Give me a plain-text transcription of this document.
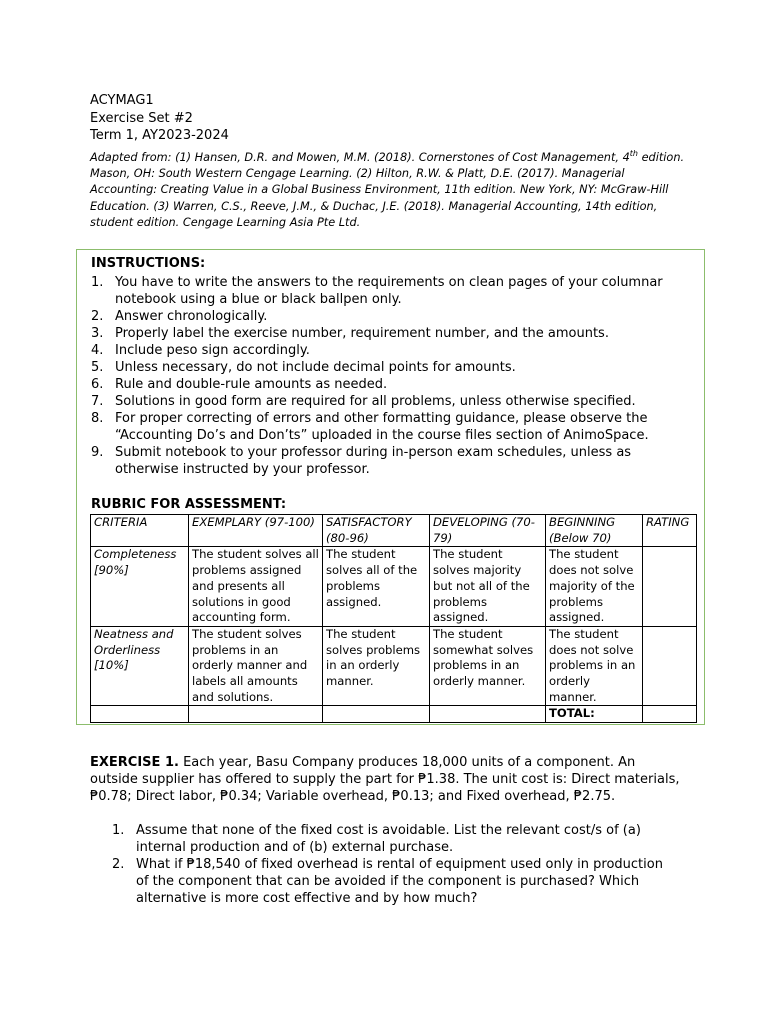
ACYMAG1
Exercise Set #2
Term 1, AY2023-2024
Adapted from: (1) Hansen, D.R. and Mowen, M.M. (2018). Cornerstones of Cost Management, 4th edition. Mason, OH: South Western Cengage Learning. (2) Hilton, R.W. & Platt, D.E. (2017). Managerial Accounting: Creating Value in a Global Business Environment, 11th edition. New York, NY: McGraw-Hill Education. (3) Warren, C.S., Reeve, J.M., & Duchac, J.E. (2018). Managerial Accounting, 14th edition, student edition. Cengage Learning Asia Pte Ltd.
INSTRUCTIONS:
1. You have to write the answers to the requirements on clean pages of your columnar notebook using a blue or black ballpen only.
2. Answer chronologically.
3. Properly label the exercise number, requirement number, and the amounts.
4. Include peso sign accordingly.
5. Unless necessary, do not include decimal points for amounts.
6. Rule and double-rule amounts as needed.
7. Solutions in good form are required for all problems, unless otherwise specified.
8. For proper correcting of errors and other formatting guidance, please observe the “Accounting Do’s and Don’ts” uploaded in the course files section of AnimoSpace.
9. Submit notebook to your professor during in-person exam schedules, unless as otherwise instructed by your professor.
RUBRIC FOR ASSESSMENT:
CRITERIA	EXEMPLARY (97-100)	SATISFACTORY (80-96)	DEVELOPING (70-79)	BEGINNING (Below 70)	RATING
Completeness [90%]	The student solves all problems assigned and presents all solutions in good accounting form.	The student solves all of the problems assigned.	The student solves majority but not all of the problems assigned.	The student does not solve majority of the problems assigned.	
Neatness and Orderliness [10%]	The student solves problems in an orderly manner and labels all amounts and solutions.	The student solves problems in an orderly manner.	The student somewhat solves problems in an orderly manner.	The student does not solve problems in an orderly manner.	
				TOTAL:	
EXERCISE 1. Each year, Basu Company produces 18,000 units of a component. An outside supplier has offered to supply the part for ₱1.38. The unit cost is: Direct materials, ₱0.78; Direct labor, ₱0.34; Variable overhead, ₱0.13; and Fixed overhead, ₱2.75.
1. Assume that none of the fixed cost is avoidable. List the relevant cost/s of (a) internal production and of (b) external purchase.
2. What if ₱18,540 of fixed overhead is rental of equipment used only in production of the component that can be avoided if the component is purchased? Which alternative is more cost effective and by how much?
